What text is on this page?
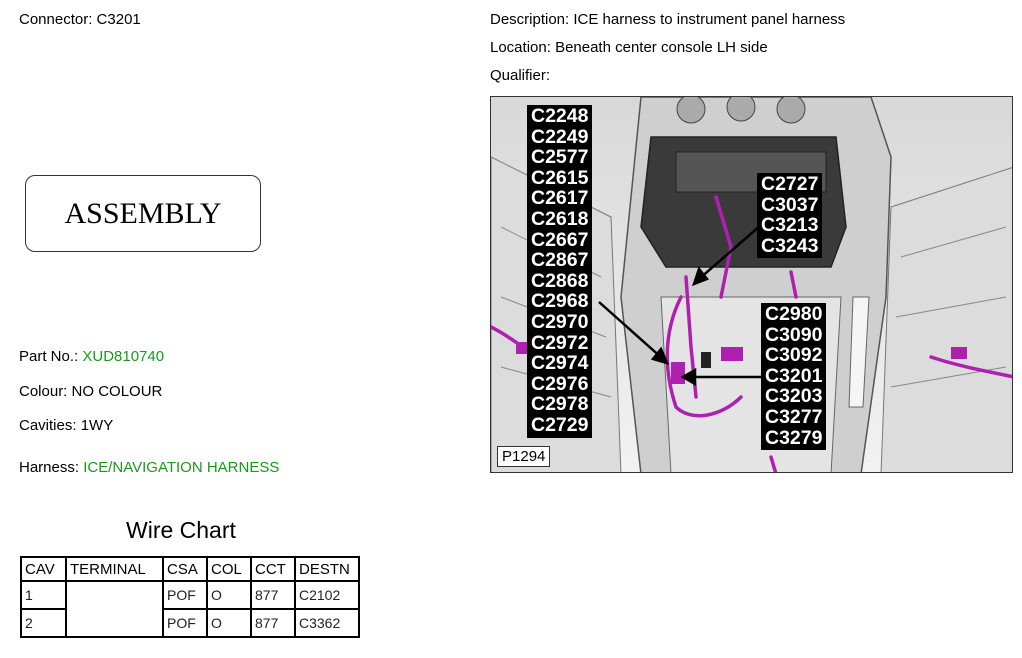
Connector: C3201	Description: ICE harness to instrument panel harness
Location: Beneath center console LH side
Qualifier:
ASSEMBLY
Part No.: XUD810740
Colour: NO COLOUR
Cavities: 1WY
Harness: ICE/NAVIGATION HARNESS
Wire Chart
CAV	TERMINAL	CSA	COL	CCT	DESTN
1		POF	O	877	C2102
2		POF	O	877	C3362
C2248
C2249
C2577
C2615
C2617
C2618
C2667
C2867
C2868
C2968
C2970
C2972
C2974
C2976
C2978
C2729
C2727
C3037
C3213
C3243
C2980
C3090
C3092
C3201
C3203
C3277
C3279
P1294
